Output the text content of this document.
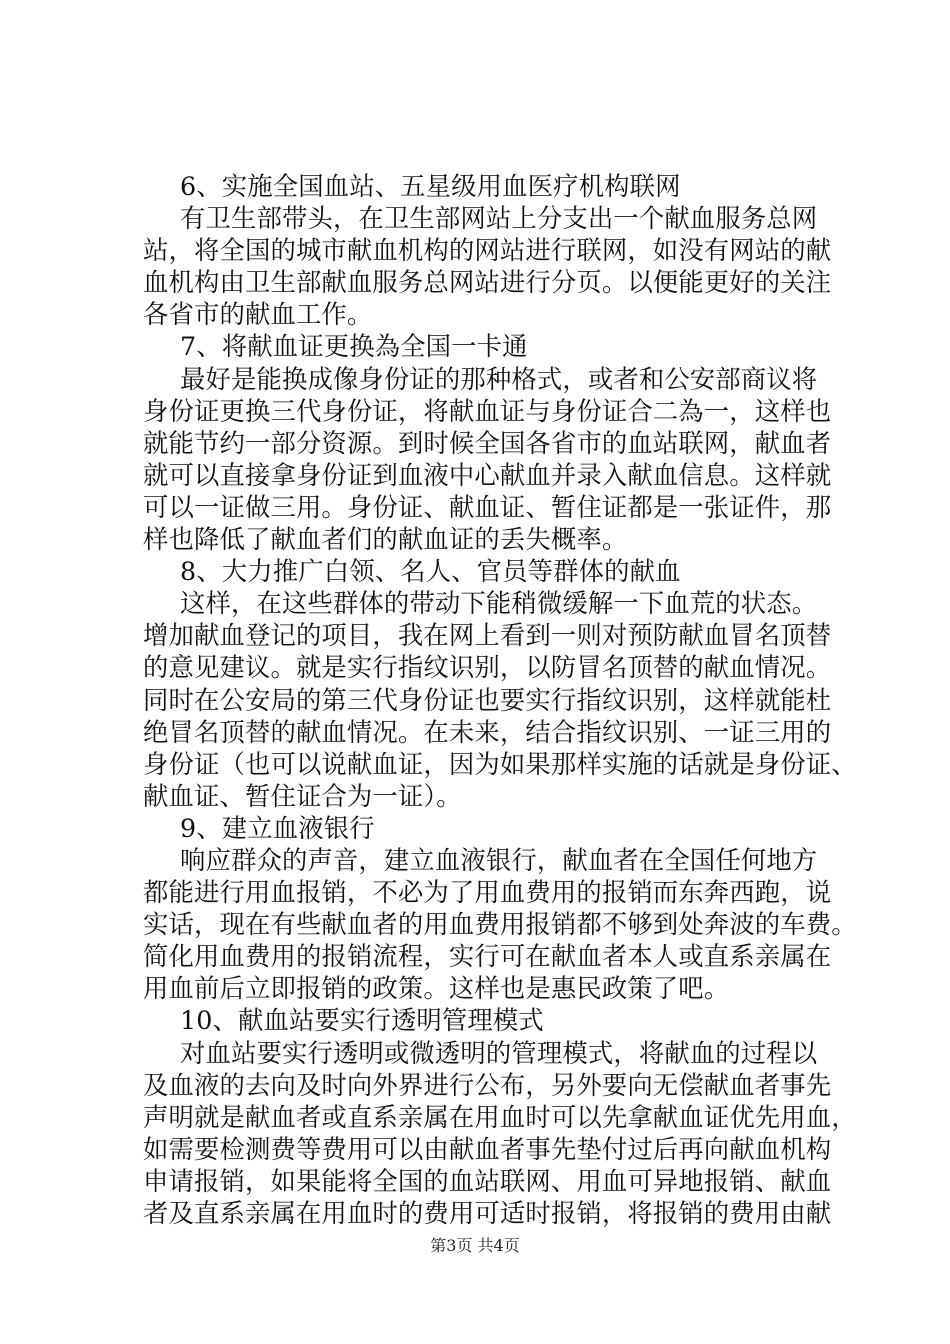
6、实施全国血站、五星级用血医疗机构联网
有卫生部带头，在卫生部网站上分支出一个献血服务总网
站，将全国的城市献血机构的网站进行联网，如没有网站的献
血机构由卫生部献血服务总网站进行分页。以便能更好的关注
各省市的献血工作。
7、将献血证更换為全国一卡通
最好是能换成像身份证的那种格式，或者和公安部商议将
身份证更换三代身份证，将献血证与身份证合二為一，这样也
就能节约一部分资源。到时候全国各省市的血站联网，献血者
就可以直接拿身份证到血液中心献血并录入献血信息。这样就
可以一证做三用。身份证、献血证、暂住证都是一张证件，那
样也降低了献血者们的献血证的丢失概率。
8、大力推广白领、名人、官员等群体的献血
这样，在这些群体的带动下能稍微缓解一下血荒的状态。
增加献血登记的项目，我在网上看到一则对预防献血冒名顶替
的意见建议。就是实行指纹识别，以防冒名顶替的献血情况。
同时在公安局的第三代身份证也要实行指纹识别，这样就能杜
绝冒名顶替的献血情况。在未来，结合指纹识别、一证三用的
身份证（也可以说献血证，因为如果那样实施的话就是身份证、
献血证、暂住证合为一证）。
9、建立血液银行
响应群众的声音，建立血液银行，献血者在全国任何地方
都能进行用血报销，不必为了用血费用的报销而东奔西跑，说
实话，现在有些献血者的用血费用报销都不够到处奔波的车费。
简化用血费用的报销流程，实行可在献血者本人或直系亲属在
用血前后立即报销的政策。这样也是惠民政策了吧。
10、献血站要实行透明管理模式
对血站要实行透明或微透明的管理模式，将献血的过程以
及血液的去向及时向外界进行公布，另外要向无偿献血者事先
声明就是献血者或直系亲属在用血时可以先拿献血证优先用血，
如需要检测费等费用可以由献血者事先垫付过后再向献血机构
申请报销，如果能将全国的血站联网、用血可异地报销、献血
者及直系亲属在用血时的费用可适时报销，将报销的费用由献
第3页 共4页
